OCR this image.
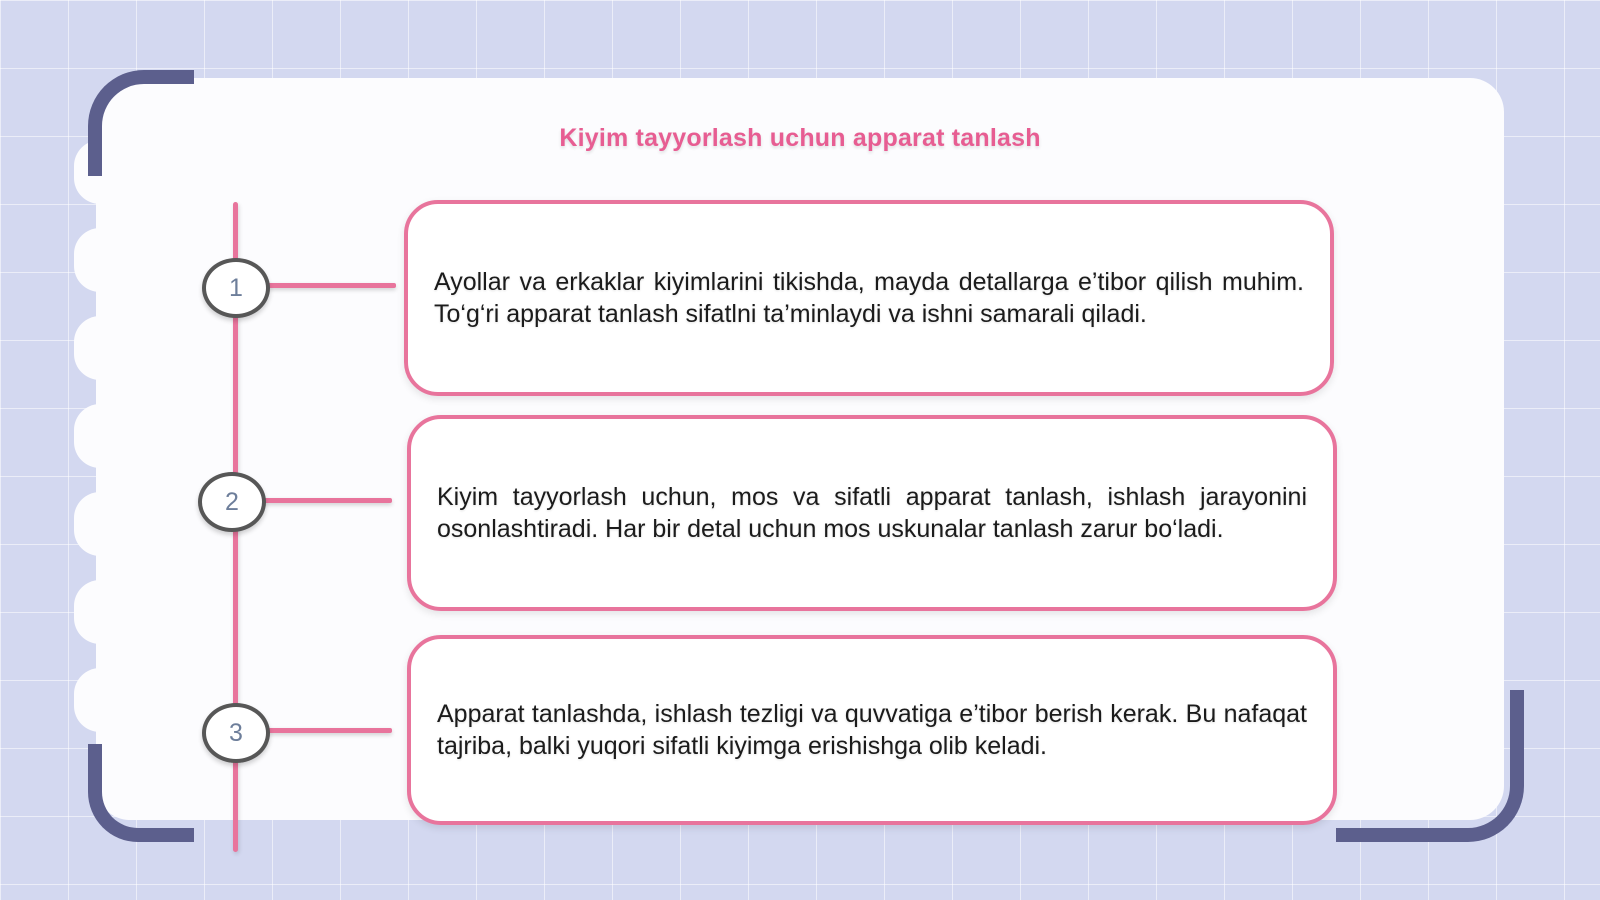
Kiyim tayyorlash uchun apparat tanlash
1	Ayollar va erkaklar kiyimlarini tikishda, mayda detallarga e’tibor qilish muhim. To‘g‘ri apparat tanlash sifatlni ta’minlaydi va ishni samarali qiladi.
2	Kiyim tayyorlash uchun, mos va sifatli apparat tanlash, ishlash jarayonini osonlashtiradi. Har bir detal uchun mos uskunalar tanlash zarur bo‘ladi.
3
Apparat tanlashda, ishlash tezligi va quvvatiga e’tibor berish kerak. Bu nafaqat tajriba, balki yuqori sifatli kiyimga erishishga olib keladi.
